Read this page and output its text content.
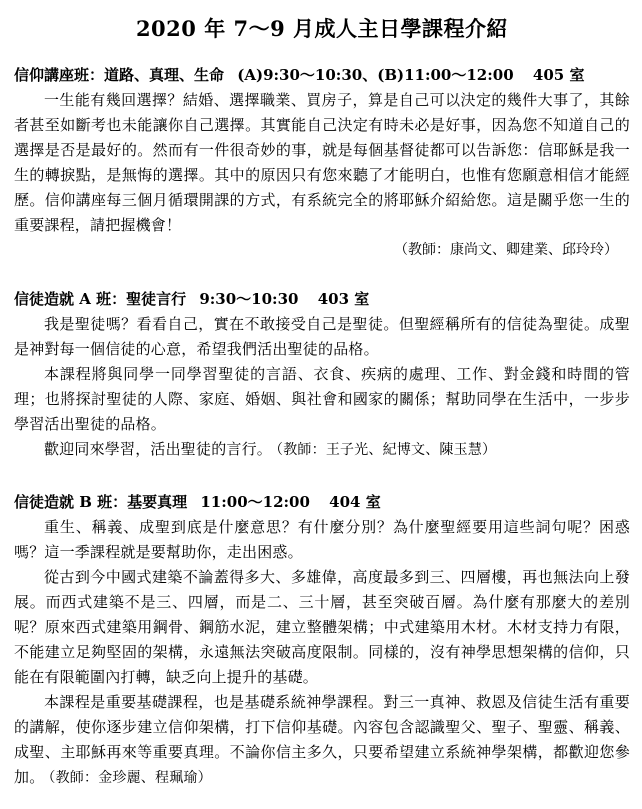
2020 年 7～9 月成人主日學課程介紹
信仰講座班：道路、真理、生命 (A)9:30～10:30、(B)11:00～12:00 405 室

一生能有幾回選擇？結婚、選擇職業、買房子，算是自己可以決定的幾件大事了，其餘者甚至如斷考也未能讓你自己選擇。其實能自己決定有時未必是好事，因為您不知道自己的選擇是否是最好的。然而有一件很奇妙的事，就是每個基督徒都可以告訴您：信耶穌是我一生的轉捩點，是無悔的選擇。其中的原因只有您來聽了才能明白，也惟有您願意相信才能經歷。信仰講座每三個月循環開課的方式，有系統完全的將耶穌介紹給您。這是關乎您一生的重要課程，請把握機會！

（教師：康尚文、卿建業、邱玲玲）
信徒造就 A 班：聖徒言行 9:30～10:30 403 室

我是聖徒嗎？看看自己，實在不敢接受自己是聖徒。但聖經稱所有的信徒為聖徒。成聖是神對每一個信徒的心意，希望我們活出聖徒的品格。

本課程將與同學一同學習聖徒的言語、衣食、疾病的處理、工作、對金錢和時間的管理；也將探討聖徒的人際、家庭、婚姻、與社會和國家的關係；幫助同學在生活中，一步步學習活出聖徒的品格。

歡迎同來學習，活出聖徒的言行。 （教師：王子光、紀博文、陳玉慧）

信徒造就 B 班：基要真理 11:00～12:00 404 室

重生、稱義、成聖到底是什麼意思？有什麼分別？為什麼聖經要用這些詞句呢？困惑嗎？這一季課程就是要幫助你，走出困惑。

從古到今中國式建築不論蓋得多大、多雄偉，高度最多到三、四層樓，再也無法向上發展。而西式建築不是三、四層，而是二、三十層，甚至突破百層。為什麼有那麼大的差別呢？原來西式建築用鋼骨、鋼筋水泥，建立整體架構；中式建築用木材。木材支持力有限，不能建立足夠堅固的架構，永遠無法突破高度限制。同樣的，沒有神學思想架構的信仰，只能在有限範圍內打轉，缺乏向上提升的基礎。

本課程是重要基礎課程，也是基礎系統神學課程。對三一真神、救恩及信徒生活有重要的講解，使你逐步建立信仰架構，打下信仰基礎。內容包含認識聖父、聖子、聖靈、稱義、成聖、主耶穌再來等重要真理。不論你信主多久，只要希望建立系統神學架構，都歡迎您參加。 （教師：金珍麗、程珮瑜）
